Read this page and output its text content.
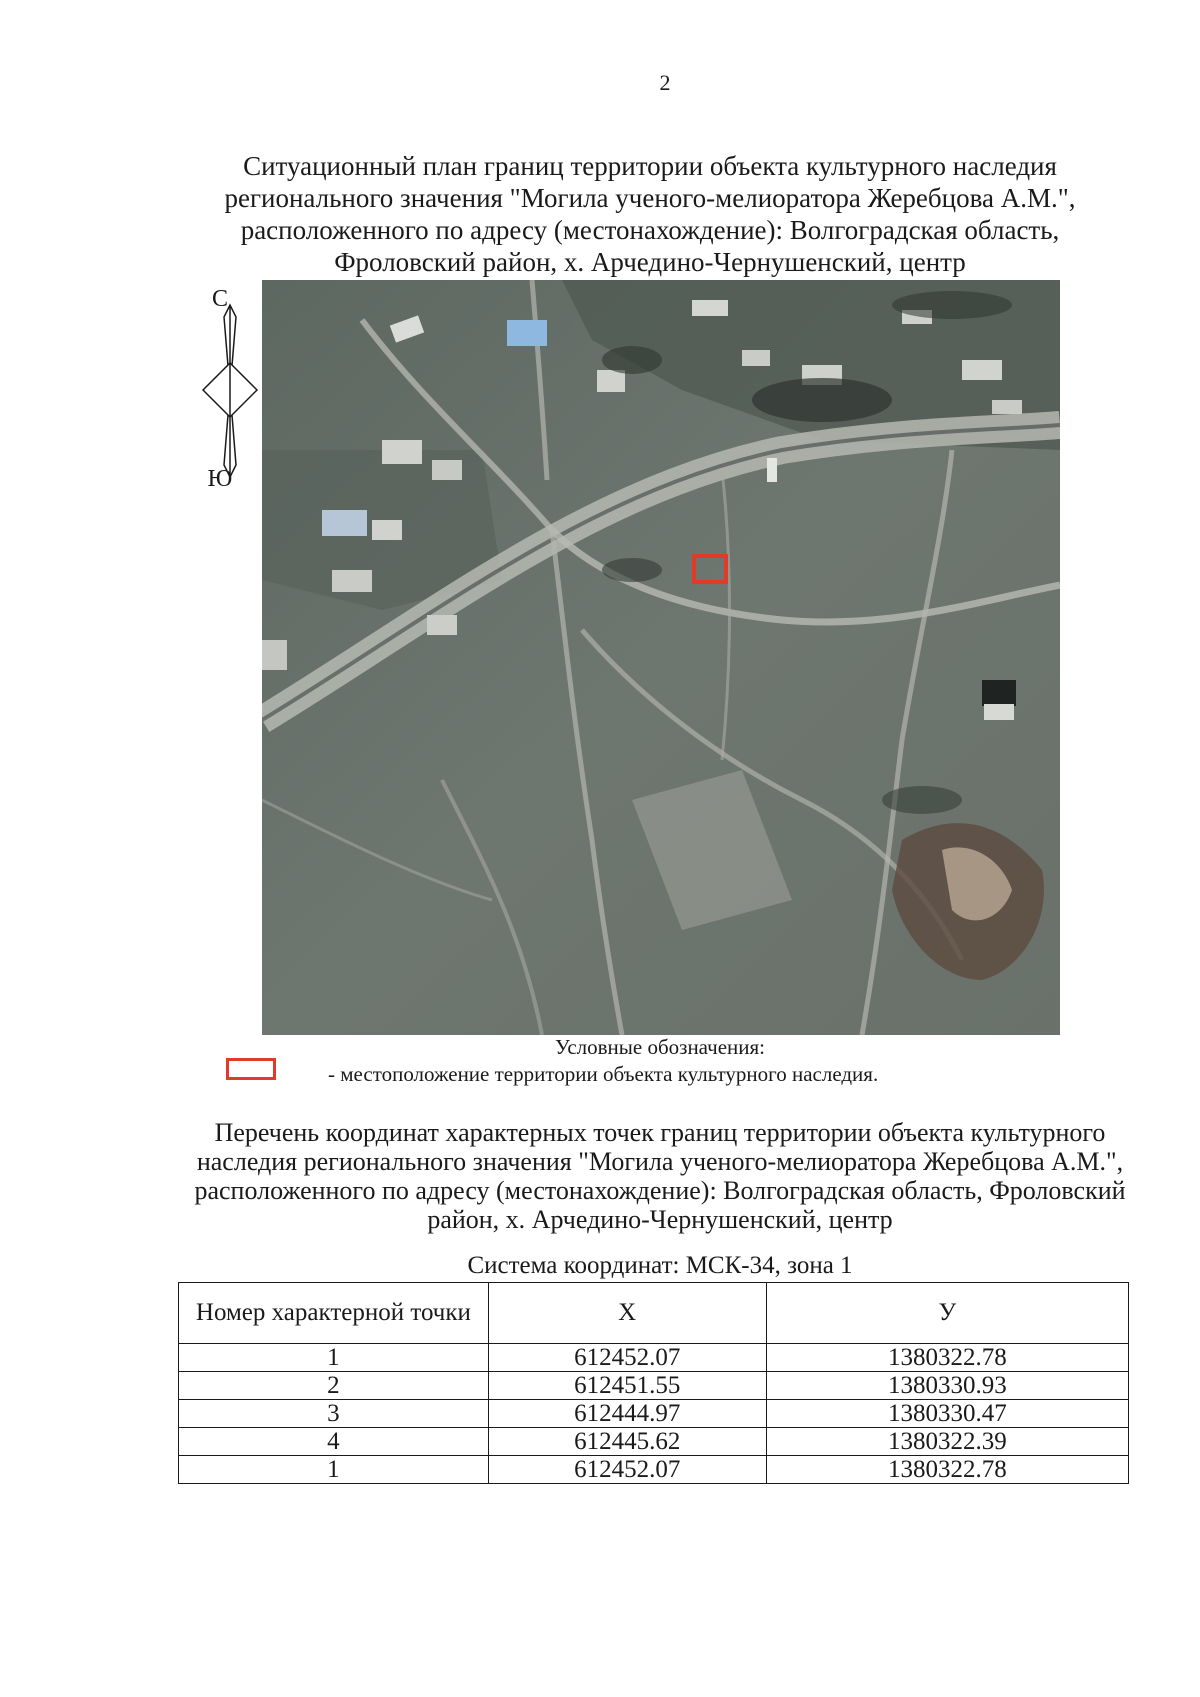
2
Ситуационный план границ территории объекта культурного наследия регионального значения "Могила ученого-мелиоратора Жеребцова А.М.", расположенного по адресу (местонахождение): Волгоградская область, Фроловский район, х. Арчедино-Чернушенский, центр
С
Ю
Условные обозначения:
- местоположение территории объекта культурного наследия.
Перечень координат характерных точек границ территории объекта культурного наследия регионального значения "Могила ученого-мелиоратора Жеребцова А.М.", расположенного по адресу (местонахождение): Волгоградская область, Фроловский район, х. Арчедино-Чернушенский, центр
Система координат: МСК-34, зона 1
Номер характерной точки	Х	У
1	612452.07	1380322.78
2	612451.55	1380330.93
3	612444.97	1380330.47
4	612445.62	1380322.39
1	612452.07	1380322.78
